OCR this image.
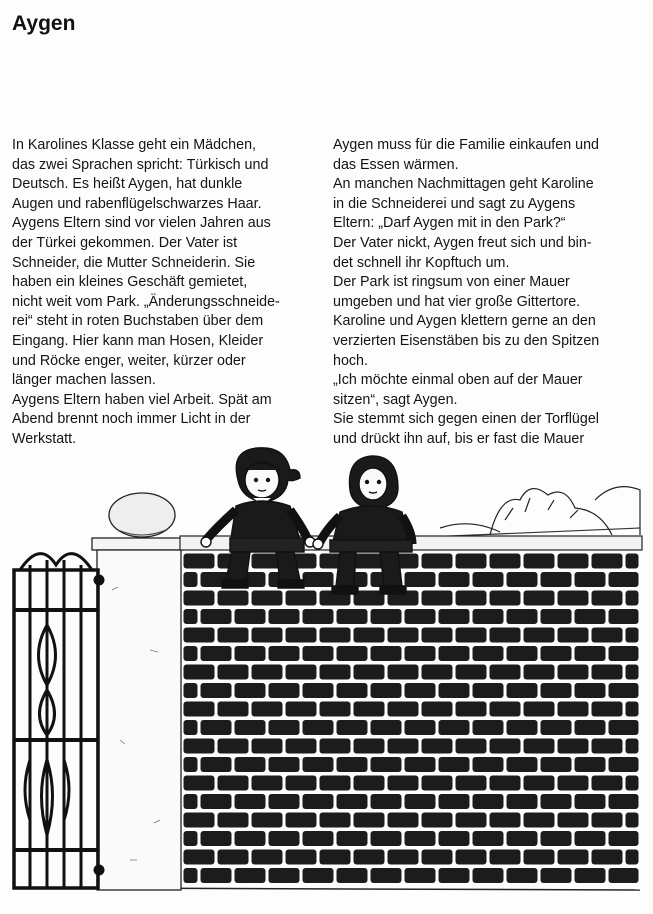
Aygen
In Karolines Klasse geht ein Mädchen,
das zwei Sprachen spricht: Türkisch und
Deutsch. Es heißt Aygen, hat dunkle
Augen und rabenflügelschwarzes Haar.
Aygens Eltern sind vor vielen Jahren aus
der Türkei gekommen. Der Vater ist
Schneider, die Mutter Schneiderin. Sie
haben ein kleines Geschäft gemietet,
nicht weit vom Park. „Änderungsschneide-
rei“ steht in roten Buchstaben über dem
Eingang. Hier kann man Hosen, Kleider
und Röcke enger, weiter, kürzer oder
länger machen lassen.
Aygens Eltern haben viel Arbeit. Spät am
Abend brennt noch immer Licht in der
Werkstatt.
Aygen muss für die Familie einkaufen und
das Essen wärmen.
An manchen Nachmittagen geht Karoline
in die Schneiderei und sagt zu Aygens
Eltern: „Darf Aygen mit in den Park?“
Der Vater nickt, Aygen freut sich und bin-
det schnell ihr Kopftuch um.
Der Park ist ringsum von einer Mauer
umgeben und hat vier große Gittertore.
Karoline und Aygen klettern gerne an den
verzierten Eisenstäben bis zu den Spitzen
hoch.
„Ich möchte einmal oben auf der Mauer
sitzen“, sagt Aygen.
Sie stemmt sich gegen einen der Torflügel
und drückt ihn auf, bis er fast die Mauer
